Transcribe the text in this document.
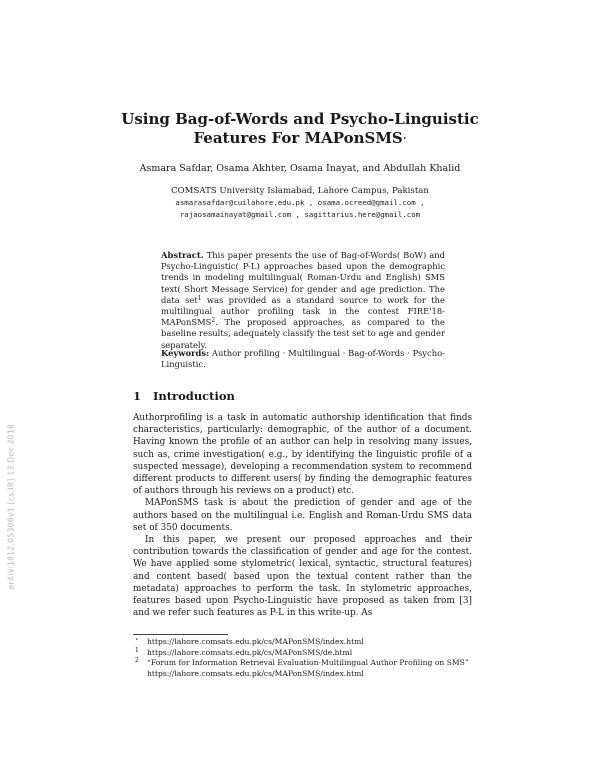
arXiv:1812.05306v1 [cs.IR] 13 Dec 2018
Using Bag-of-Words and Psycho-Linguistic
Features For MAPonSMS⋆
Asmara Safdar, Osama Akhter, Osama Inayat, and Abdullah Khalid
COMSATS University Islamabad, Lahore Campus, Pakistan
asmarasafdar@cuilahore.edu.pk , osama.ocreed@gmail.com ,
rajaosamainayat@gmail.com , sagittarius.here@gmail.com
Abstract. This paper presents the use of Bag-of-Words( BoW) and Psycho-Linguistic( P-L) approaches based upon the demographic trends in modeling multilingual( Roman-Urdu and English) SMS text( Short Message Service) for gender and age prediction. The data set$^1$ was provided as a standard source to work for the multilingual author profiling task in the contest FIRE'18-MAPonSMS$^2$. The proposed approaches, as compared to the baseline results, adequately classify the test set to age and gender separately.
Keywords: Author profiling · Multilingual · Bag-of-Words · Psycho-Linguistic.
1 Introduction

Authorprofiling is a task in automatic authorship identification that finds characteristics, particularly: demographic, of the author of a document. Having known the profile of an author can help in resolving many issues, such as, crime investigation( e.g., by identifying the linguistic profile of a suspected message), developing a recommendation system to recommend different products to different users( by finding the demographic features of authors through his reviews on a product) etc.

MAPonSMS task is about the prediction of gender and age of the authors based on the multilingual i.e. English and Roman-Urdu SMS data set of 350 documents.

In this paper, we present our proposed approaches and their contribution towards the classification of gender and age for the contest. We have applied some stylometric( lexical, syntactic, structural features) and content based( based upon the textual content rather than the metadata) approaches to perform the task. In stylometric approaches, features based upon Psycho-Linguistic have proposed as taken from [3] and we refer such features as P-L in this write-up. As

⋆ https://lahore.comsats.edu.pk/cs/MAPonSMS/index.html
1 https://lahore.comsats.edu.pk/cs/MAPonSMS/de.html
2 “Forum for Information Retrieval Evaluation-Multilingual Author Profiling on SMS” https://lahore.comsats.edu.pk/cs/MAPonSMS/index.html
